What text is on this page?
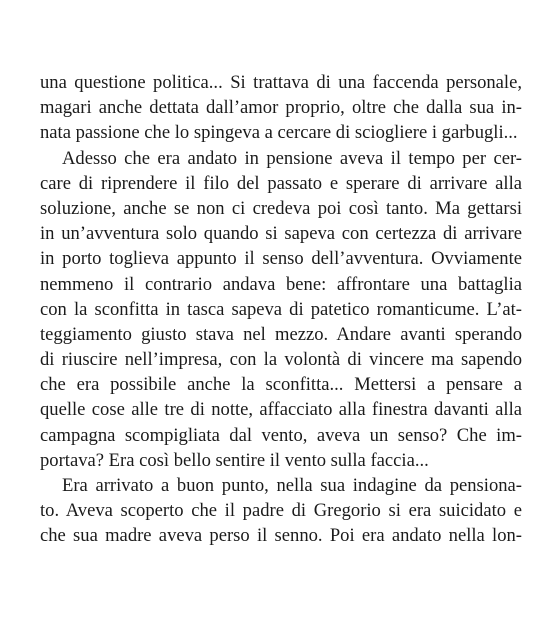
una questione politica... Si trattava di una faccenda personale,
magari anche dettata dall’amor proprio, oltre che dalla sua in-
nata passione che lo spingeva a cercare di sciogliere i garbugli...
Adesso che era andato in pensione aveva il tempo per cer-
care di riprendere il filo del passato e sperare di arrivare alla
soluzione, anche se non ci credeva poi così tanto. Ma gettarsi
in un’avventura solo quando si sapeva con certezza di arrivare
in porto toglieva appunto il senso dell’avventura. Ovviamente
nemmeno il contrario andava bene: affrontare una battaglia
con la sconfitta in tasca sapeva di patetico romanticume. L’at-
teggiamento giusto stava nel mezzo. Andare avanti sperando
di riuscire nell’impresa, con la volontà di vincere ma sapendo
che era possibile anche la sconfitta... Mettersi a pensare a
quelle cose alle tre di notte, affacciato alla finestra davanti alla
campagna scompigliata dal vento, aveva un senso? Che im-
portava? Era così bello sentire il vento sulla faccia...
Era arrivato a buon punto, nella sua indagine da pensiona-
to. Aveva scoperto che il padre di Gregorio si era suicidato e
che sua madre aveva perso il senno. Poi era andato nella lon-
